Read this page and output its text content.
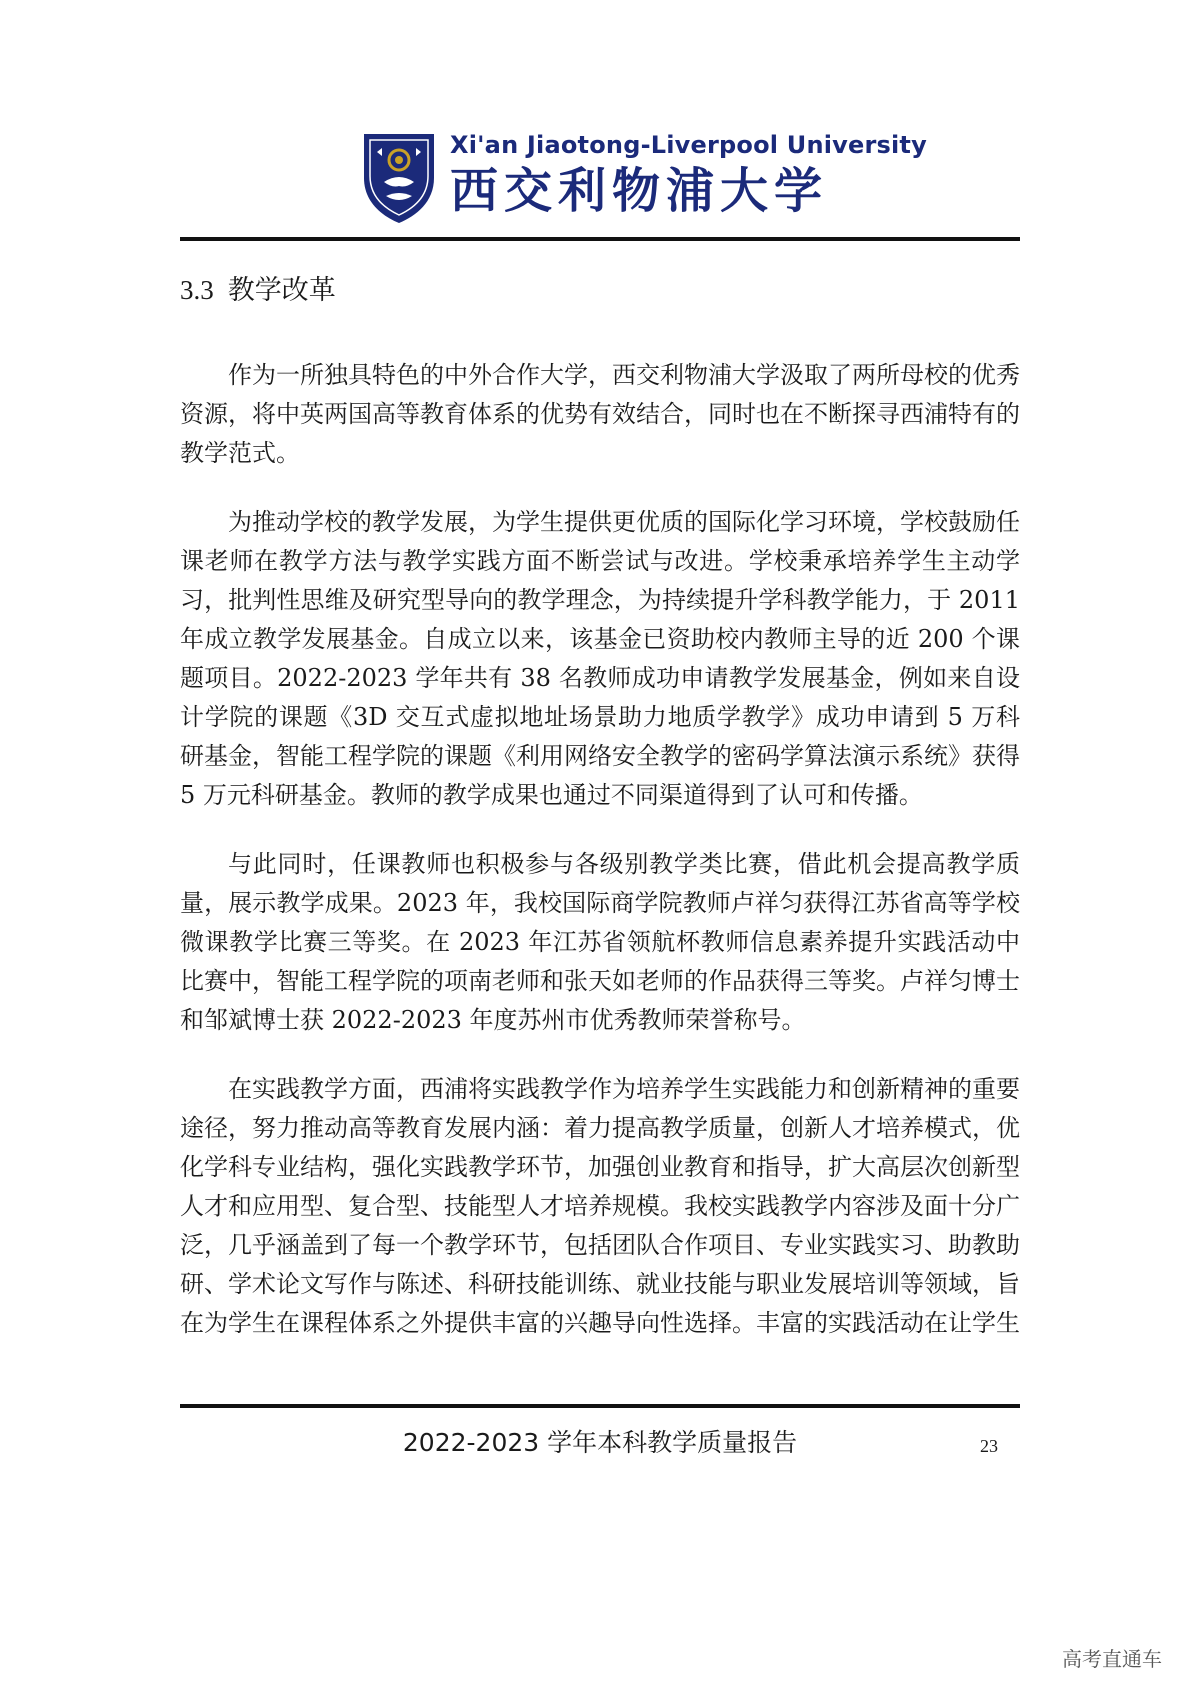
Xi'an Jiaotong-Liverpool University
西交利物浦大学
3.3 教学改革

作为一所独具特色的中外合作大学，西交利物浦大学汲取了两所母校的优秀资源，将中英两国高等教育体系的优势有效结合，同时也在不断探寻西浦特有的教学范式。

为推动学校的教学发展，为学生提供更优质的国际化学习环境，学校鼓励任课老师在教学方法与教学实践方面不断尝试与改进。学校秉承培养学生主动学习，批判性思维及研究型导向的教学理念，为持续提升学科教学能力，于 2011 年成立教学发展基金。自成立以来，该基金已资助校内教师主导的近 200 个课题项目。2022-2023 学年共有 38 名教师成功申请教学发展基金，例如来自设计学院的课题《3D 交互式虚拟地址场景助力地质学教学》成功申请到 5 万科研基金，智能工程学院的课题《利用网络安全教学的密码学算法演示系统》获得 5 万元科研基金。教师的教学成果也通过不同渠道得到了认可和传播。

与此同时，任课教师也积极参与各级别教学类比赛，借此机会提高教学质量，展示教学成果。2023 年，我校国际商学院教师卢祥匀获得江苏省高等学校微课教学比赛三等奖。在 2023 年江苏省领航杯教师信息素养提升实践活动中比赛中，智能工程学院的项南老师和张天如老师的作品获得三等奖。卢祥匀博士和邹斌博士获 2022-2023 年度苏州市优秀教师荣誉称号。

在实践教学方面，西浦将实践教学作为培养学生实践能力和创新精神的重要途径，努力推动高等教育发展内涵：着力提高教学质量，创新人才培养模式，优化学科专业结构，强化实践教学环节，加强创业教育和指导，扩大高层次创新型人才和应用型、复合型、技能型人才培养规模。我校实践教学内容涉及面十分广泛，几乎涵盖到了每一个教学环节，包括团队合作项目、专业实践实习、助教助研、学术论文写作与陈述、科研技能训练、就业技能与职业发展培训等领域，旨在为学生在课程体系之外提供丰富的兴趣导向性选择。丰富的实践活动在让学生

2022-2023 学年本科教学质量报告	23
高考直通车
